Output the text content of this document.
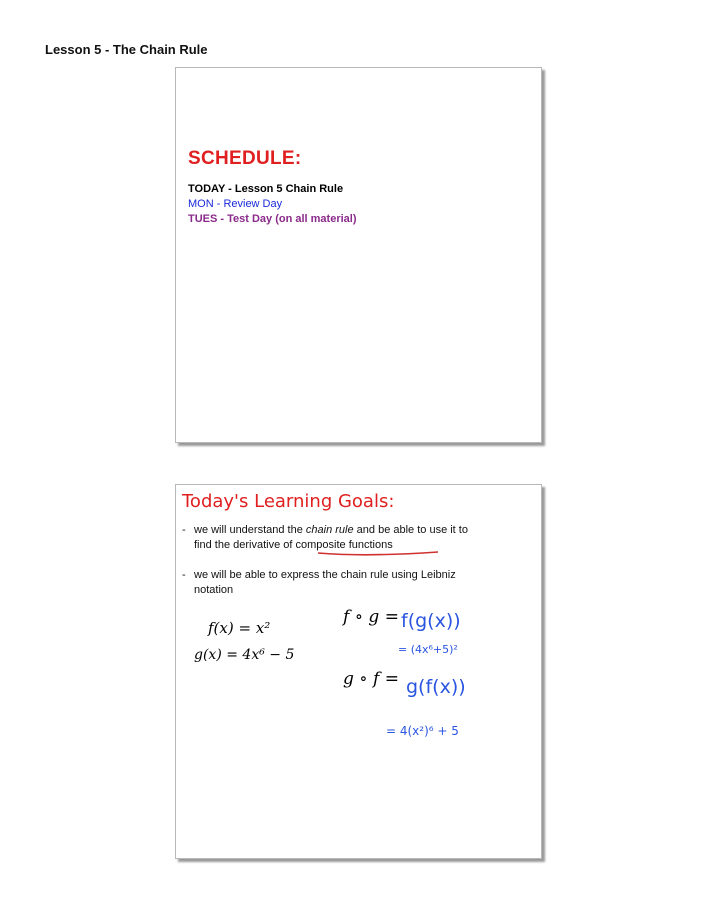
Lesson 5 - The Chain Rule
SCHEDULE:
TODAY - Lesson 5 Chain Rule
MON - Review Day
TUES - Test Day (on all material)
Today's Learning Goals:
- we will understand the chain rule and be able to use it to
find the derivative of composite functions
- we will be able to express the chain rule using Leibniz
notation
f(x) = x²
g(x) = 4x⁶ − 5
f ∘ g =
g ∘ f =
f(g(x))
= (4x⁶+5)²
g(f(x))
= 4(x²)⁶ + 5
